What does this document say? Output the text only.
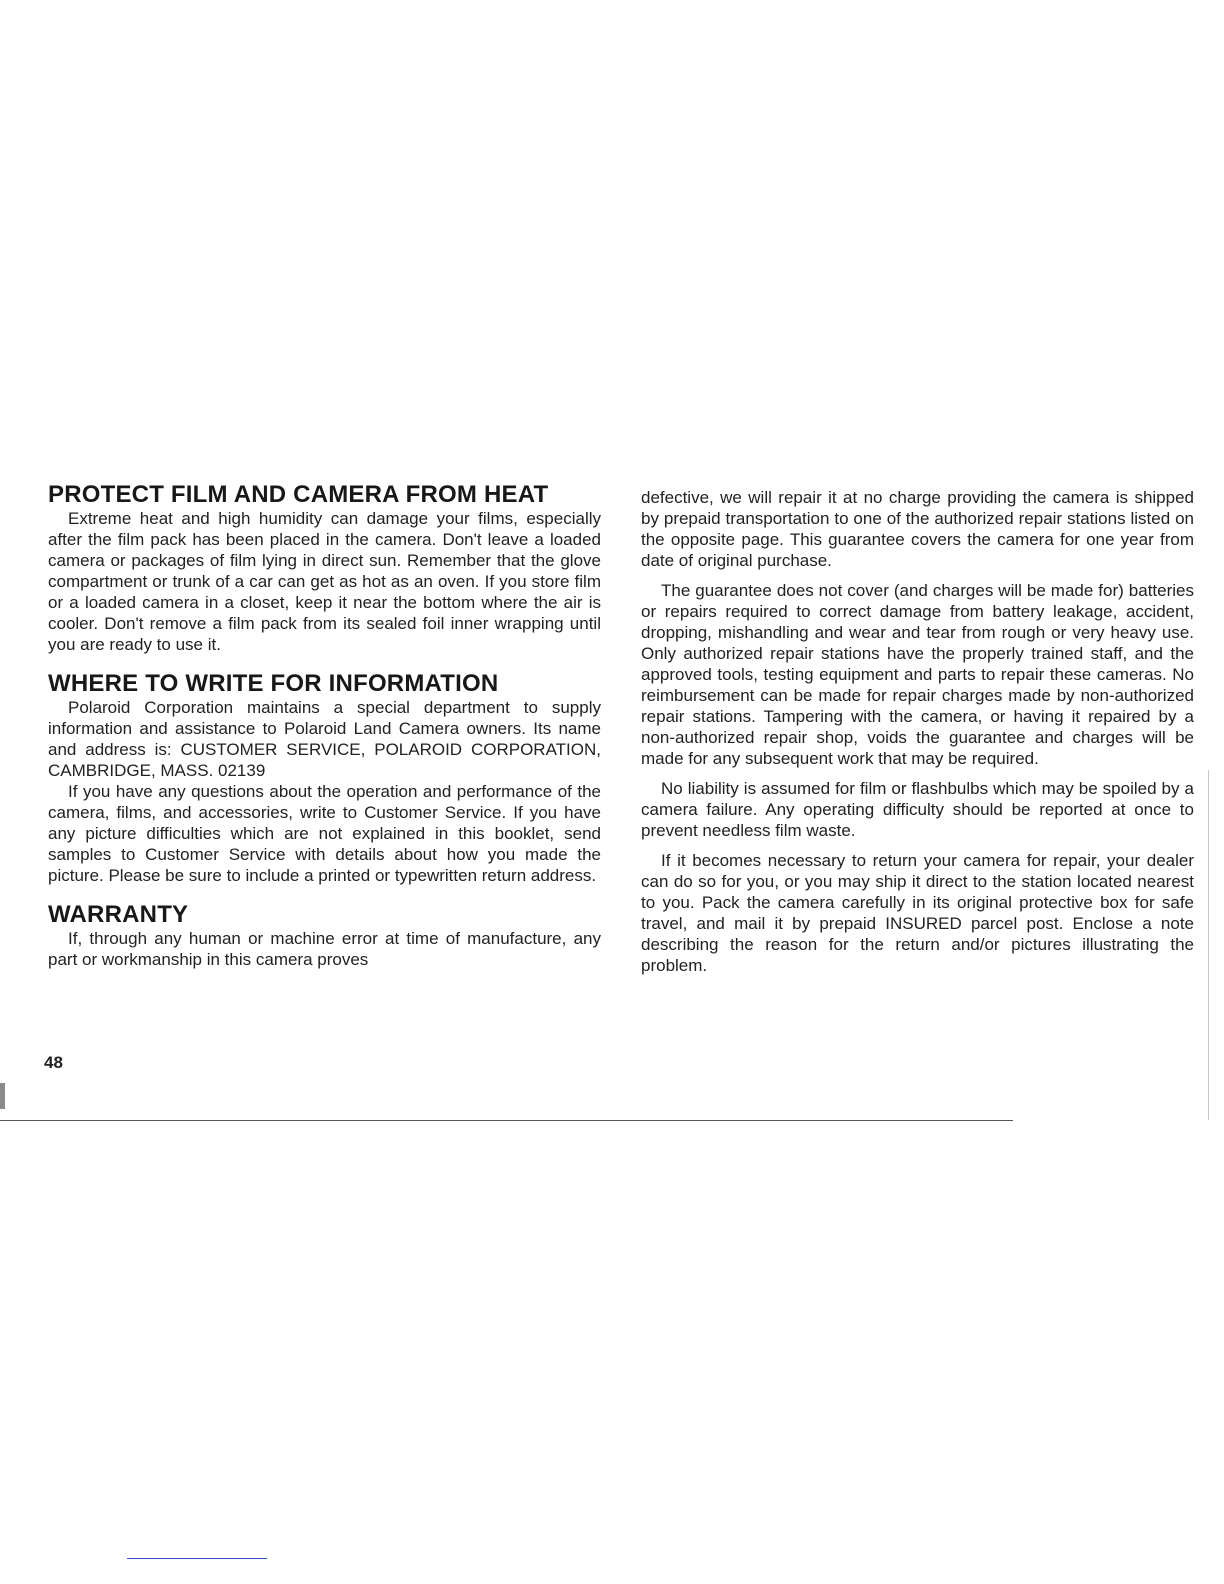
PROTECT FILM AND CAMERA FROM HEAT

Extreme heat and high humidity can damage your films, especially after the film pack has been placed in the camera. Don't leave a loaded camera or packages of film lying in direct sun. Remember that the glove compartment or trunk of a car can get as hot as an oven. If you store film or a loaded camera in a closet, keep it near the bottom where the air is cooler. Don't remove a film pack from its sealed foil inner wrapping until you are ready to use it.

WHERE TO WRITE FOR INFORMATION

Polaroid Corporation maintains a special department to supply information and assistance to Polaroid Land Camera owners. Its name and address is: CUSTOMER SERVICE, POLAROID CORPORATION, CAMBRIDGE, MASS. 02139

If you have any questions about the operation and performance of the camera, films, and accessories, write to Customer Service. If you have any picture difficulties which are not explained in this booklet, send samples to Customer Service with details about how you made the picture. Please be sure to include a printed or typewritten return address.

WARRANTY

If, through any human or machine error at time of manufacture, any part or workmanship in this camera proves

defective, we will repair it at no charge providing the camera is shipped by prepaid transportation to one of the authorized repair stations listed on the opposite page. This guarantee covers the camera for one year from date of original purchase.

The guarantee does not cover (and charges will be made for) batteries or repairs required to correct damage from battery leakage, accident, dropping, mishandling and wear and tear from rough or very heavy use. Only authorized repair stations have the properly trained staff, and the approved tools, testing equipment and parts to repair these cameras. No reimbursement can be made for repair charges made by non-authorized repair stations. Tampering with the camera, or having it repaired by a non-authorized repair shop, voids the guarantee and charges will be made for any subsequent work that may be required.

No liability is assumed for film or flashbulbs which may be spoiled by a camera failure. Any operating difficulty should be reported at once to prevent needless film waste.

If it becomes necessary to return your camera for repair, your dealer can do so for you, or you may ship it direct to the station located nearest to you. Pack the camera carefully in its original protective box for safe travel, and mail it by prepaid INSURED parcel post. Enclose a note describing the reason for the return and/or pictures illustrating the problem.

48
